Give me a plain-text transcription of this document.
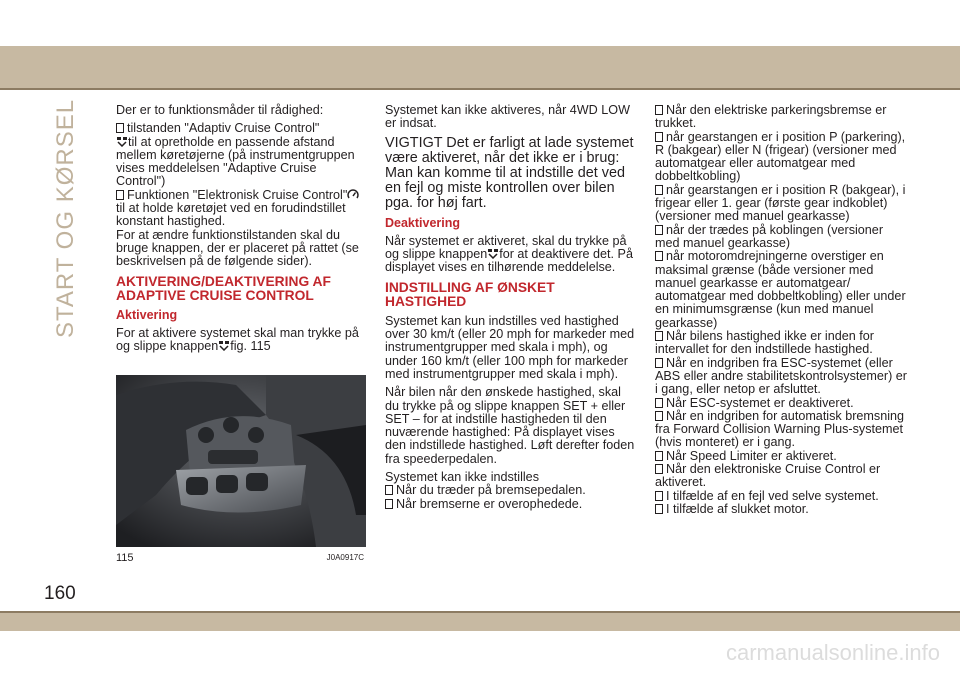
START OG KØRSEL	Der er to funktionsmåder til rådighed:

tilstanden "Adaptiv Cruise Control"
til at opretholde en passende afstand mellem køretøjerne (på instrumentgruppen vises meddelelsen "Adaptive Cruise Control")

Funktionen "Elektronisk Cruise Control"til at holde køretøjet ved en forudindstillet konstant hastighed.

For at ændre funktionstilstanden skal du bruge knappen, der er placeret på rattet (se beskrivelsen på de følgende sider).

AKTIVERING/DEAKTIVERING AF ADAPTIVE CRUISE CONTROL
Aktivering

For at aktivere systemet skal man trykke på og slippe knappen fig. 115

115	J0A0917C

Systemet kan ikke aktiveres, når 4WD LOW er indsat.

VIGTIGT Det er farligt at lade systemet være aktiveret, når det ikke er i brug: Man kan komme til at indstille det ved en fejl og miste kontrollen over bilen pga. for høj fart.

Deaktivering

Når systemet er aktiveret, skal du trykke på og slippe knappen for at deaktivere det. På displayet vises en tilhørende meddelelse.

INDSTILLING AF ØNSKET HASTIGHED

Systemet kan kun indstilles ved hastighed over 30 km/t (eller 20 mph for markeder med instrumentgrupper med skala i mph), og under 160 km/t (eller 100 mph for markeder med instrumentgrupper med skala i mph).

Når bilen når den ønskede hastighed, skal du trykke på og slippe knappen SET + eller SET – for at indstille hastigheden til den nuværende hastighed: På displayet vises den indstillede hastighed. Løft derefter foden fra speederpedalen.

Systemet kan ikke indstilles
Når du træder på bremsepedalen.
Når bremserne er overophedede.
Når den elektriske parkeringsbremse er trukket.
når gearstangen er i position P (parkering), R (bakgear) eller N (frigear) (versioner med automatgear eller automatgear med dobbeltkobling)
når gearstangen er i position R (bakgear), i frigear eller 1. gear (første gear indkoblet) (versioner med manuel gearkasse)
når der trædes på koblingen (versioner med manuel gearkasse)
når motoromdrejningerne overstiger en maksimal grænse (både versioner med manuel gearkasse er automatgear/ automatgear med dobbeltkobling) eller under en minimumsgrænse (kun med manuel gearkasse)
Når bilens hastighed ikke er inden for intervallet for den indstillede hastighed.
Når en indgriben fra ESC-systemet (eller ABS eller andre stabilitetskontrolsystemer) er i gang, eller netop er afsluttet.
Når ESC-systemet er deaktiveret.
Når en indgriben for automatisk bremsning fra Forward Collision Warning Plus-systemet (hvis monteret) er i gang.
Når Speed Limiter er aktiveret.
Når den elektroniske Cruise Control er aktiveret.
I tilfælde af en fejl ved selve systemet.
I tilfælde af slukket motor.
160
carmanualsonline.info
